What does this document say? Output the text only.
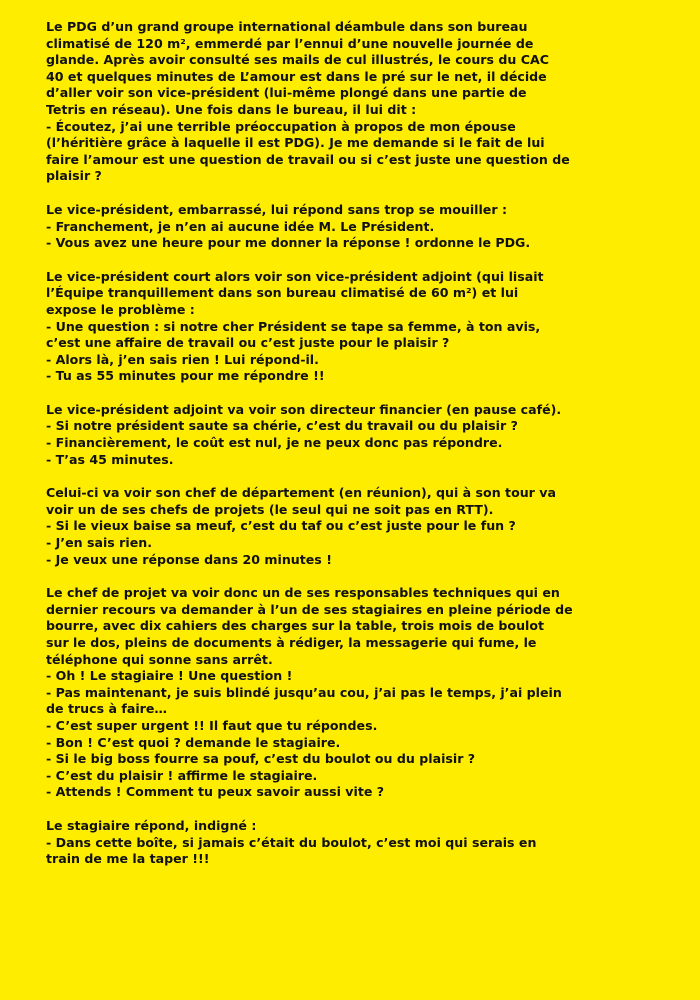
Le PDG d’un grand groupe international déambule dans son bureau
climatisé de 120 m², emmerdé par l’ennui d’une nouvelle journée de
glande. Après avoir consulté ses mails de cul illustrés, le cours du CAC
40 et quelques minutes de L’amour est dans le pré sur le net, il décide
d’aller voir son vice-président (lui-même plongé dans une partie de
Tetris en réseau). Une fois dans le bureau, il lui dit :
- Écoutez, j’ai une terrible préoccupation à propos de mon épouse
(l’héritière grâce à laquelle il est PDG). Je me demande si le fait de lui
faire l’amour est une question de travail ou si c’est juste une question de
plaisir ?
Le vice-président, embarrassé, lui répond sans trop se mouiller :
- Franchement, je n’en ai aucune idée M. Le Président.
- Vous avez une heure pour me donner la réponse ! ordonne le PDG.
Le vice-président court alors voir son vice-président adjoint (qui lisait
l’Équipe tranquillement dans son bureau climatisé de 60 m²) et lui
expose le problème :
- Une question : si notre cher Président se tape sa femme, à ton avis,
c’est une affaire de travail ou c’est juste pour le plaisir ?
- Alors là, j’en sais rien ! Lui répond-il.
- Tu as 55 minutes pour me répondre !!
Le vice-président adjoint va voir son directeur financier (en pause café).
- Si notre président saute sa chérie, c’est du travail ou du plaisir ?
- Financièrement, le coût est nul, je ne peux donc pas répondre.
- T’as 45 minutes.
Celui-ci va voir son chef de département (en réunion), qui à son tour va
voir un de ses chefs de projets (le seul qui ne soit pas en RTT).
- Si le vieux baise sa meuf, c’est du taf ou c’est juste pour le fun ?
- J’en sais rien.
- Je veux une réponse dans 20 minutes !
Le chef de projet va voir donc un de ses responsables techniques qui en
dernier recours va demander à l’un de ses stagiaires en pleine période de
bourre, avec dix cahiers des charges sur la table, trois mois de boulot
sur le dos, pleins de documents à rédiger, la messagerie qui fume, le
téléphone qui sonne sans arrêt.
- Oh ! Le stagiaire ! Une question !
- Pas maintenant, je suis blindé jusqu’au cou, j’ai pas le temps, j’ai plein
de trucs à faire…
- C’est super urgent !! Il faut que tu répondes.
- Bon ! C’est quoi ? demande le stagiaire.
- Si le big boss fourre sa pouf, c’est du boulot ou du plaisir ?
- C’est du plaisir ! affirme le stagiaire.
- Attends ! Comment tu peux savoir aussi vite ?
Le stagiaire répond, indigné :
- Dans cette boîte, si jamais c’était du boulot, c’est moi qui serais en
train de me la taper !!!
